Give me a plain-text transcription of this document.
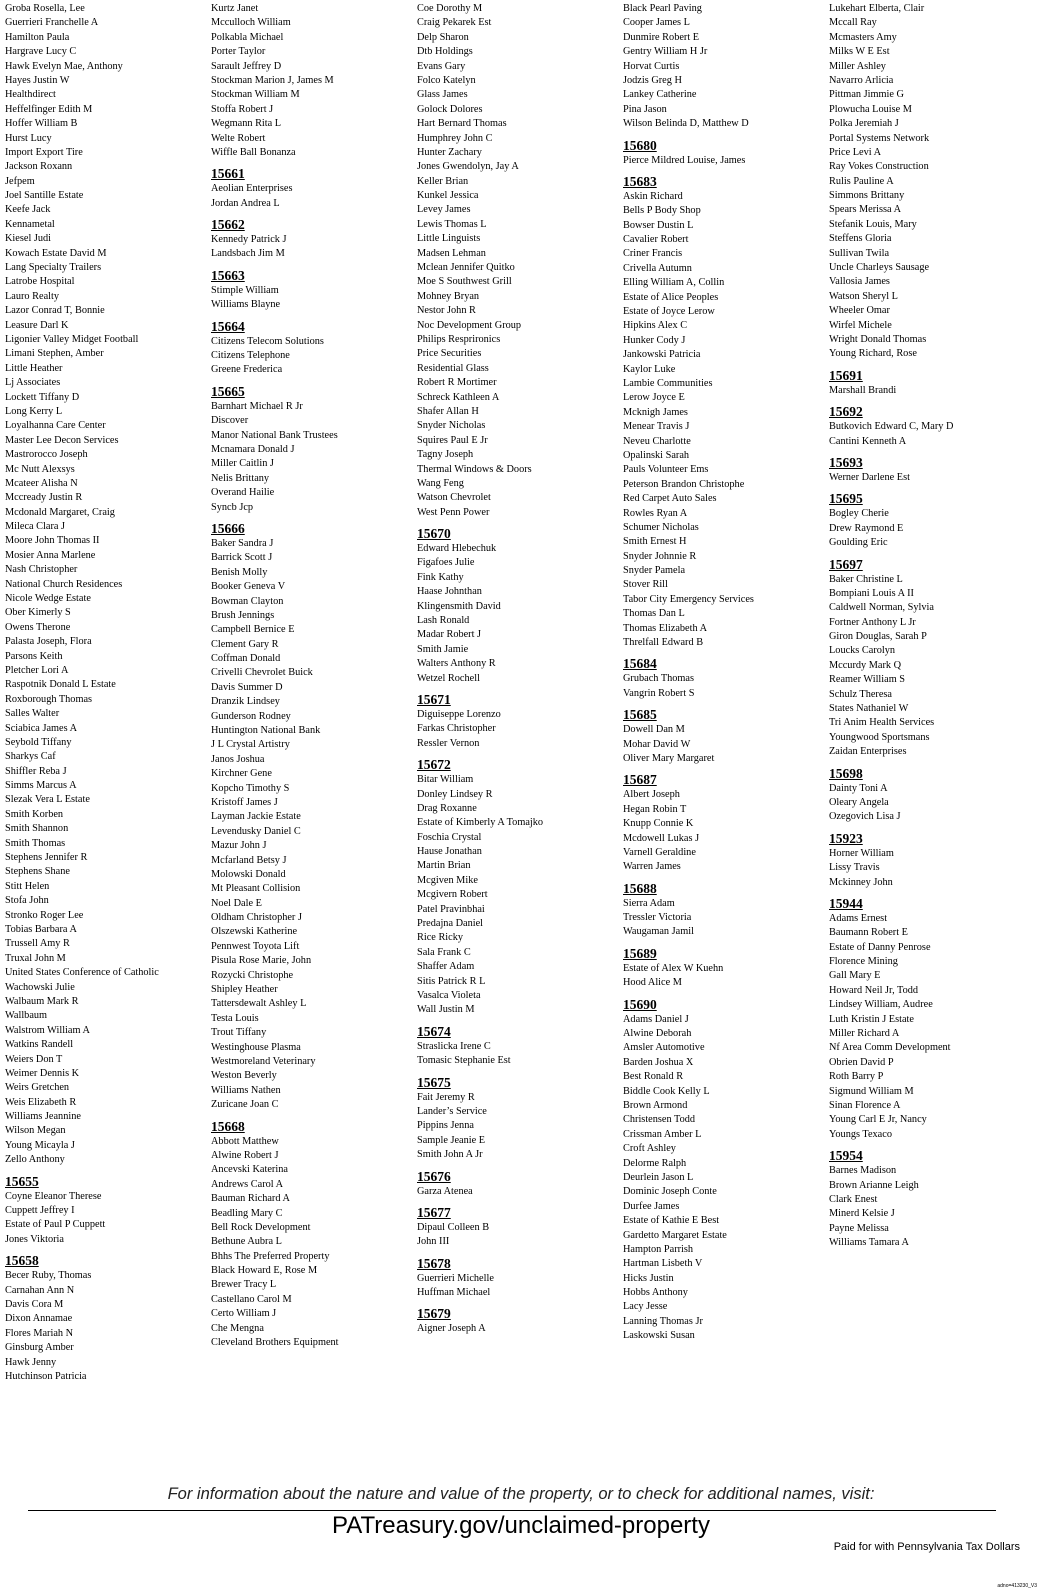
Groba Rosella, Lee
Guerrieri Franchelle A
Hamilton Paula
Hargrave Lucy C
Hawk Evelyn Mae, Anthony
Hayes Justin W
Healthdirect
Heffelfinger Edith M
Hoffer William B
Hurst Lucy
Import Export Tire
Jackson Roxann
Jefpem
Joel Santille Estate
Keefe Jack
Kennametal
Kiesel Judi
Kowach Estate David M
Lang Specialty Trailers
Latrobe Hospital
Lauro Realty
Lazor Conrad T, Bonnie
Leasure Darl K
Ligonier Valley Midget Football
Limani Stephen, Amber
Little Heather
Lj Associates
Lockett Tiffany D
Long Kerry L
Loyalhanna Care Center
Master Lee Decon Services
Mastrorocco Joseph
Mc Nutt Alexsys
Mcateer Alisha N
Mccready Justin R
Mcdonald Margaret, Craig
Mileca Clara J
Moore John Thomas II
Mosier Anna Marlene
Nash Christopher
National Church Residences
Nicole Wedge Estate
Ober Kimerly S
Owens Therone
Palasta Joseph, Flora
Parsons Keith
Pletcher Lori A
Raspotnik Donald L Estate
Roxborough Thomas
Salles Walter
Sciabica James A
Seybold Tiffany
Sharkys Caf
Shiffler Reba J
Simms Marcus A
Slezak Vera L Estate
Smith Korben
Smith Shannon
Smith Thomas
Stephens Jennifer R
Stephens Shane
Stitt Helen
Stofa John
Stronko Roger Lee
Tobias Barbara A
Trussell Amy R
Truxal John M
United States Conference of Catholic
Wachowski Julie
Walbaum Mark R
Wallbaum
Walstrom William A
Watkins Randell
Weiers Don T
Weimer Dennis K
Weirs Gretchen
Weis Elizabeth R
Williams Jeannine
Wilson Megan
Young Micayla J
Zello Anthony
15655
Coyne Eleanor Therese
Cuppett Jeffrey I
Estate of Paul P Cuppett
Jones Viktoria
15658
Becer Ruby, Thomas
Carnahan Ann N
Davis Cora M
Dixon Annamae
Flores Mariah N
Ginsburg Amber
Hawk Jenny
Hutchinson Patricia
Kurtz Janet
Mcculloch William
Polkabla Michael
Porter Taylor
Sarault Jeffrey D
Stockman Marion J, James M
Stockman William M
Stoffa Robert J
Wegmann Rita L
Welte Robert
Wiffle Ball Bonanza
15661
Aeolian Enterprises
Jordan Andrea L
15662
Kennedy Patrick J
Landsbach Jim M
15663
Stimple William
Williams Blayne
15664
Citizens Telecom Solutions
Citizens Telephone
Greene Frederica
15665
Barnhart Michael R Jr
Discover
Manor National Bank Trustees
Mcnamara Donald J
Miller Caitlin J
Nelis Brittany
Overand Hailie
Syncb Jcp
15666
Baker Sandra J
Barrick Scott J
Benish Molly
Booker Geneva V
Bowman Clayton
Brush Jennings
Campbell Bernice E
Clement Gary R
Coffman Donald
Crivelli Chevrolet Buick
Davis Summer D
Dranzik Lindsey
Gunderson Rodney
Huntington National Bank
J L Crystal Artistry
Janos Joshua
Kirchner Gene
Kopcho Timothy S
Kristoff James J
Layman Jackie Estate
Levendusky Daniel C
Mazur John J
Mcfarland Betsy J
Molowski Donald
Mt Pleasant Collision
Noel Dale E
Oldham Christopher J
Olszewski Katherine
Pennwest Toyota Lift
Pisula Rose Marie, John
Rozycki Christophe
Shipley Heather
Tattersdewalt Ashley L
Testa Louis
Trout Tiffany
Westinghouse Plasma
Westmoreland Veterinary
Weston Beverly
Williams Nathen
Zuricane Joan C
15668
Abbott Matthew
Alwine Robert J
Ancevski Katerina
Andrews Carol A
Bauman Richard A
Beadling Mary C
Bell Rock Development
Bethune Aubra L
Bhhs The Preferred Property
Black Howard E, Rose M
Brewer Tracy L
Castellano Carol M
Certo William J
Che Mengna
Cleveland Brothers Equipment
Coe Dorothy M
Craig Pekarek Est
Delp Sharon
Dtb Holdings
Evans Gary
Folco Katelyn
Glass James
Golock Dolores
Hart Bernard Thomas
Humphrey John C
Hunter Zachary
Jones Gwendolyn, Jay A
Keller Brian
Kunkel Jessica
Levey James
Lewis Thomas L
Little Linguists
Madsen Lehman
Mclean Jennifer Quitko
Moe S Southwest Grill
Mohney Bryan
Nestor John R
Noc Development Group
Philips Resprironics
Price Securities
Residential Glass
Robert R Mortimer
Schreck Kathleen A
Shafer Allan H
Snyder Nicholas
Squires Paul E Jr
Tagny Joseph
Thermal Windows & Doors
Wang Feng
Watson Chevrolet
West Penn Power
15670
Edward Hlebechuk
Figafoes Julie
Fink Kathy
Haase Johnthan
Klingensmith David
Lash Ronald
Madar Robert J
Smith Jamie
Walters Anthony R
Wetzel Rochell
15671
Diguiseppe Lorenzo
Farkas Christopher
Ressler Vernon
15672
Bitar William
Donley Lindsey R
Drag Roxanne
Estate of Kimberly A Tomajko
Foschia Crystal
Hause Jonathan
Martin Brian
Mcgiven Mike
Mcgivern Robert
Patel Pravinbhai
Predajna Daniel
Rice Ricky
Sala Frank C
Shaffer Adam
Sitis Patrick R L
Vasalca Violeta
Wall Justin M
15674
Straslicka Irene C
Tomasic Stephanie Est
15675
Fait Jeremy R
Lander’s Service
Pippins Jenna
Sample Jeanie E
Smith John A Jr
15676
Garza Atenea
15677
Dipaul Colleen B
John III
15678
Guerrieri Michelle
Huffman Michael
15679
Aigner Joseph A
Black Pearl Paving
Cooper James L
Dunmire Robert E
Gentry William H Jr
Horvat Curtis
Jodzis Greg H
Lankey Catherine
Pina Jason
Wilson Belinda D, Matthew D
15680
Pierce Mildred Louise, James
15683
Askin Richard
Bells P Body Shop
Bowser Dustin L
Cavalier Robert
Criner Francis
Crivella Autumn
Elling William A, Collin
Estate of Alice Peoples
Estate of Joyce Lerow
Hipkins Alex C
Hunker Cody J
Jankowski Patricia
Kaylor Luke
Lambie Communities
Lerow Joyce E
Mcknigh James
Menear Travis J
Neveu Charlotte
Opalinski Sarah
Pauls Volunteer Ems
Peterson Brandon Christophe
Red Carpet Auto Sales
Rowles Ryan A
Schumer Nicholas
Smith Ernest H
Snyder Johnnie R
Snyder Pamela
Stover Rill
Tabor City Emergency Services
Thomas Dan L
Thomas Elizabeth A
Threlfall Edward B
15684
Grubach Thomas
Vangrin Robert S
15685
Dowell Dan M
Mohar David W
Oliver Mary Margaret
15687
Albert Joseph
Hegan Robin T
Knupp Connie K
Mcdowell Lukas J
Varnell Geraldine
Warren James
15688
Sierra Adam
Tressler Victoria
Waugaman Jamil
15689
Estate of Alex W Kuehn
Hood Alice M
15690
Adams Daniel J
Alwine Deborah
Amsler Automotive
Barden Joshua X
Best Ronald R
Biddle Cook Kelly L
Brown Armond
Christensen Todd
Crissman Amber L
Croft Ashley
Delorme Ralph
Deurlein Jason L
Dominic Joseph Conte
Durfee James
Estate of Kathie E Best
Gardetto Margaret Estate
Hampton Parrish
Hartman Lisbeth V
Hicks Justin
Hobbs Anthony
Lacy Jesse
Lanning Thomas Jr
Laskowski Susan
Lukehart Elberta, Clair
Mccall Ray
Mcmasters Amy
Milks W E Est
Miller Ashley
Navarro Arlicia
Pittman Jimmie G
Plowucha Louise M
Polka Jeremiah J
Portal Systems Network
Price Levi A
Ray Vokes Construction
Rulis Pauline A
Simmons Brittany
Spears Merissa A
Stefanik Louis, Mary
Steffens Gloria
Sullivan Twila
Uncle Charleys Sausage
Vallosia James
Watson Sheryl L
Wheeler Omar
Wirfel Michele
Wright Donald Thomas
Young Richard, Rose
15691
Marshall Brandi
15692
Butkovich Edward C, Mary D
Cantini Kenneth A
15693
Werner Darlene Est
15695
Bogley Cherie
Drew Raymond E
Goulding Eric
15697
Baker Christine L
Bompiani Louis A II
Caldwell Norman, Sylvia
Fortner Anthony L Jr
Giron Douglas, Sarah P
Loucks Carolyn
Mccurdy Mark Q
Reamer William S
Schulz Theresa
States Nathaniel W
Tri Anim Health Services
Youngwood Sportsmans
Zaidan Enterprises
15698
Dainty Toni A
Oleary Angela
Ozegovich Lisa J
15923
Horner William
Lissy Travis
Mckinney John
15944
Adams Ernest
Baumann Robert E
Estate of Danny Penrose
Florence Mining
Gall Mary E
Howard Neil Jr, Todd
Lindsey William, Audree
Luth Kristin J Estate
Miller Richard A
Nf Area Comm Development
Obrien David P
Roth Barry P
Sigmund William M
Sinan Florence A
Young Carl E Jr, Nancy
Youngs Texaco
15954
Barnes Madison
Brown Arianne Leigh
Clark Enest
Minerd Kelsie J
Payne Melissa
Williams Tamara A
For information about the nature and value of the property, or to check for additional names, visit:
PATreasury.gov/unclaimed-property
Paid for with Pennsylvania Tax Dollars
adno=413230_V3
